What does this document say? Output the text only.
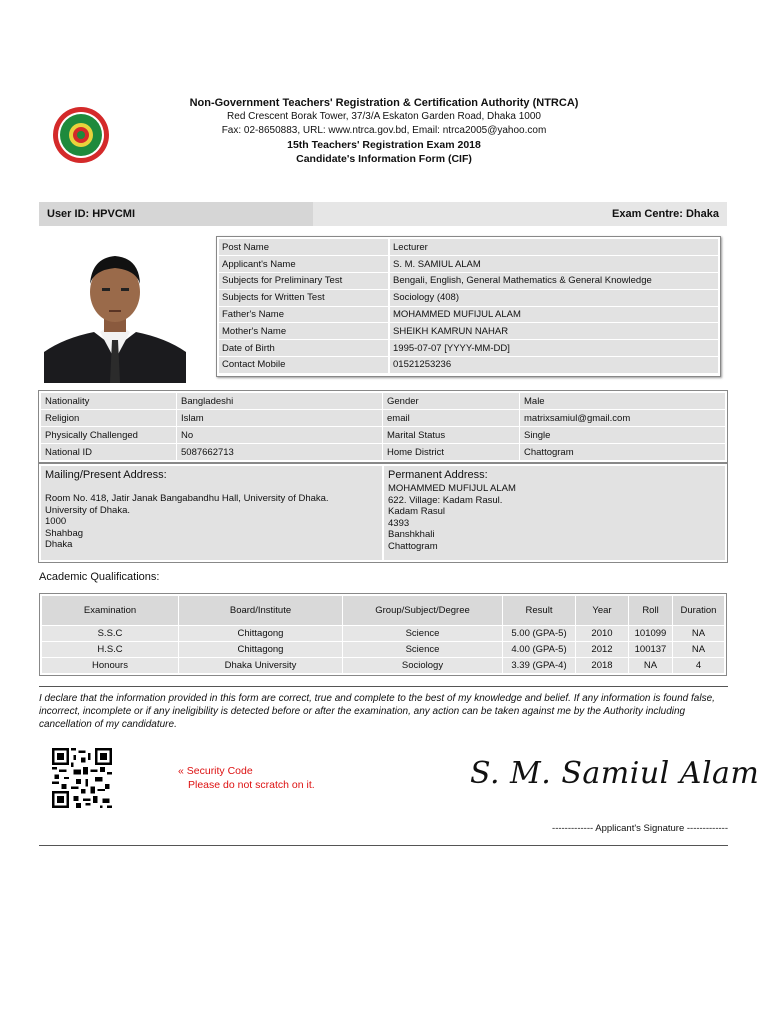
Non-Government Teachers' Registration & Certification Authority (NTRCA)
Red Crescent Borak Tower, 37/3/A Eskaton Garden Road, Dhaka 1000
Fax: 02-8650883, URL: www.ntrca.gov.bd, Email: ntrca2005@yahoo.com
15th Teachers' Registration Exam 2018
Candidate's Information Form (CIF)
User ID: HPVCMI	Exam Centre: Dhaka
Post Name	Lecturer
Applicant's Name	S. M. SAMIUL ALAM
Subjects for Preliminary Test	Bengali, English, General Mathematics & General Knowledge
Subjects for Written Test	Sociology (408)
Father's Name	MOHAMMED MUFIJUL ALAM
Mother's Name	SHEIKH KAMRUN NAHAR
Date of Birth	1995-07-07 [YYYY-MM-DD]
Contact Mobile	01521253236
Nationality	Bangladeshi	Gender	Male
Religion	Islam	email	matrixsamiul@gmail.com
Physically Challenged	No	Marital Status	Single
National ID	5087662713	Home District	Chattogram
Mailing/Present Address:
Room No. 418, Jatir Janak Bangabandhu Hall, University of Dhaka.
University of Dhaka.
1000
Shahbag
Dhaka
Permanent Address:
MOHAMMED MUFIJUL ALAM
622. Village: Kadam Rasul.
Kadam Rasul
4393
Banshkhali
Chattogram
Academic Qualifications:
Examination	Board/Institute	Group/Subject/Degree	Result	Year	Roll	Duration
S.S.C	Chittagong	Science	5.00 (GPA-5)	2010	101099	NA
H.S.C	Chittagong	Science	4.00 (GPA-5)	2012	100137	NA
Honours	Dhaka University	Sociology	3.39 (GPA-4)	2018	NA	4
I declare that the information provided in this form are correct, true and complete to the best of my knowledge and belief. If any information is found false, incorrect, incomplete or if any ineligibility is detected before or after the examination, any action can be taken against me by the Authority including cancellation of my candidature.
« Security Code
Please do not scratch on it.	S. M. Samiul Alam
------------- Applicant's Signature -------------
